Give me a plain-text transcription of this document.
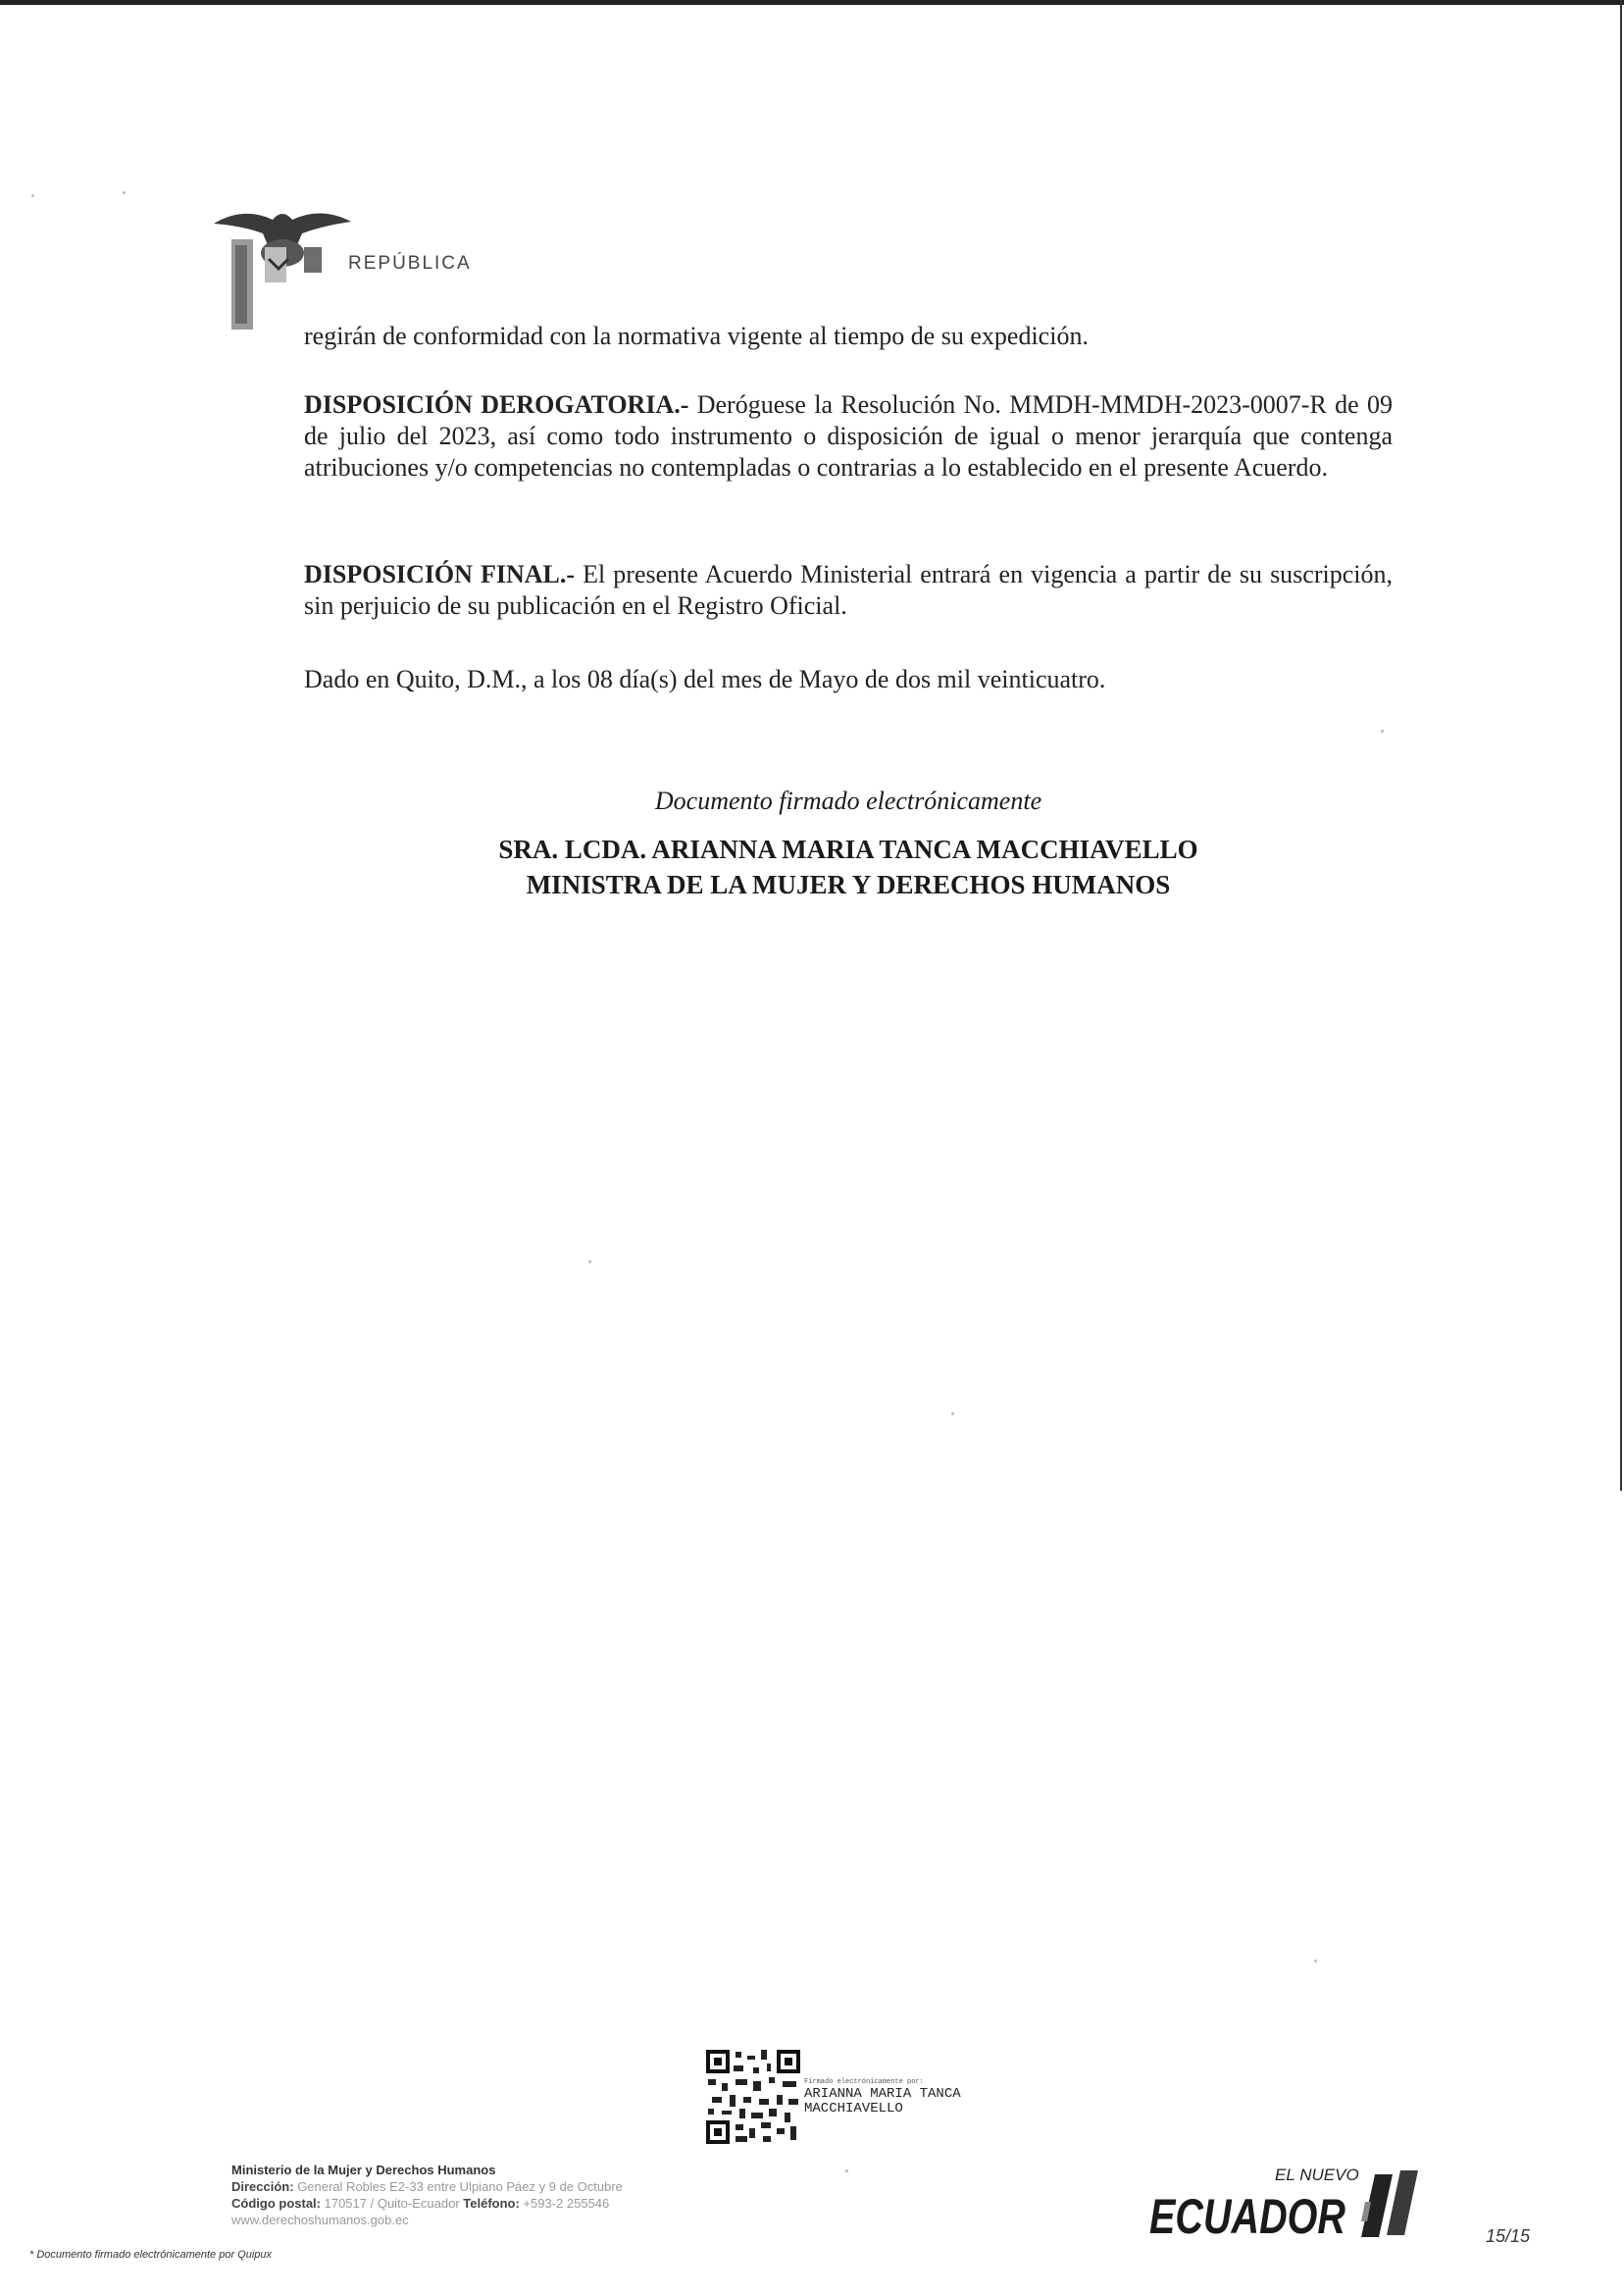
REPÚBLICA
regirán de conformidad con la normativa vigente al tiempo de su expedición.
DISPOSICIÓN DEROGATORIA.- Deróguese la Resolución No. MMDH-MMDH-2023-0007-R de 09 de julio del 2023, así como todo instrumento o disposición de igual o menor jerarquía que contenga atribuciones y/o competencias no contempladas o contrarias a lo establecido en el presente Acuerdo.
DISPOSICIÓN FINAL.- El presente Acuerdo Ministerial entrará en vigencia a partir de su suscripción, sin perjuicio de su publicación en el Registro Oficial.
Dado en Quito, D.M., a los 08 día(s) del mes de Mayo de dos mil veinticuatro.
Documento firmado electrónicamente
SRA. LCDA. ARIANNA MARIA TANCA MACCHIAVELLO
MINISTRA DE LA MUJER Y DERECHOS HUMANOS
Firmado electrónicamente por:
ARIANNA MARIA TANCA
MACCHIAVELLO
Ministerio de la Mujer y Derechos Humanos
Dirección: General Robles E2-33 entre Ulpiano Páez y 9 de Octubre
Código postal: 170517 / Quito-Ecuador Teléfono: +593-2 255546
www.derechoshumanos.gob.ec
* Documento firmado electrónicamente por Quipux
EL NUEVO
ECUADOR	15/15
